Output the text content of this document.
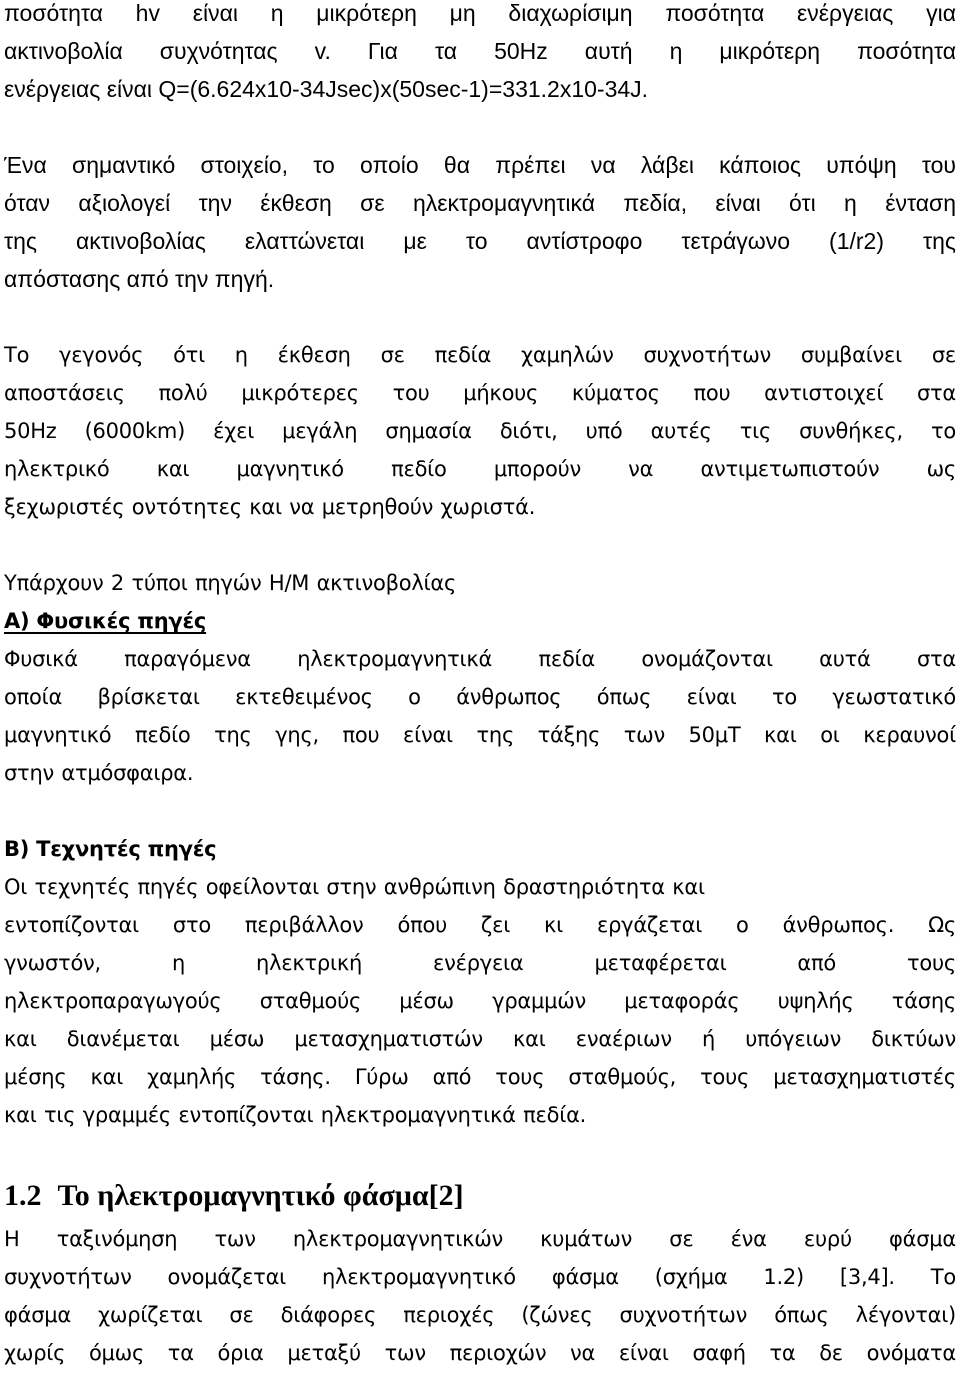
ποσότητα hv είναι η μικρότερη μη διαχωρίσιμη ποσότητα ενέργειας για
ακτινοβολία συχνότητας v. Για τα 50Hz αυτή η μικρότερη ποσότητα
ενέργειας είναι Q=(6.624x10-34Jsec)x(50sec-1)=331.2x10-34J.
Ένα σημαντικό στοιχείο, το οποίο θα πρέπει να λάβει κάποιος υπόψη του
όταν αξιολογεί την έκθεση σε ηλεκτρομαγνητικά πεδία, είναι ότι η ένταση
της ακτινοβολίας ελαττώνεται με το αντίστροφο τετράγωνο (1/r2) της
απόστασης από την πηγή.
Το γεγονός ότι η έκθεση σε πεδία χαμηλών συχνοτήτων συμβαίνει σε
αποστάσεις πολύ μικρότερες του μήκους κύματος που αντιστοιχεί στα
50Hz (6000km) έχει μεγάλη σημασία διότι, υπό αυτές τις συνθήκες, το
ηλεκτρικό και μαγνητικό πεδίο μπορούν να αντιμετωπιστούν ως
ξεχωριστές οντότητες και να μετρηθούν χωριστά.
Υπάρχουν 2 τύποι πηγών Η/Μ ακτινοβολίας
Α) Φυσικές πηγές
Φυσικά παραγόμενα ηλεκτρομαγνητικά πεδία ονομάζονται αυτά στα
οποία βρίσκεται εκτεθειμένος ο άνθρωπος όπως είναι το γεωστατικό
μαγνητικό πεδίο της γης, που είναι της τάξης των 50μΤ και οι κεραυνοί
στην ατμόσφαιρα.
Β) Τεχνητές πηγές
Οι τεχνητές πηγές οφείλονται στην ανθρώπινη δραστηριότητα και
εντοπίζονται στο περιβάλλον όπου ζει κι εργάζεται ο άνθρωπος. Ως
γνωστόν, η ηλεκτρική ενέργεια μεταφέρεται από τους
ηλεκτροπαραγωγούς σταθμούς μέσω γραμμών μεταφοράς υψηλής τάσης
και διανέμεται μέσω μετασχηματιστών και εναέριων ή υπόγειων δικτύων
μέσης και χαμηλής τάσης. Γύρω από τους σταθμούς, τους μετασχηματιστές
και τις γραμμές εντοπίζονται ηλεκτρομαγνητικά πεδία.
1.2 Το ηλεκτρομαγνητικό φάσμα[2]
Η ταξινόμηση των ηλεκτρομαγνητικών κυμάτων σε ένα ευρύ φάσμα
συχνοτήτων ονομάζεται ηλεκτρομαγνητικό φάσμα (σχήμα 1.2) [3,4]. Το
φάσμα χωρίζεται σε διάφορες περιοχές (ζώνες συχνοτήτων όπως λέγονται)
χωρίς όμως τα όρια μεταξύ των περιοχών να είναι σαφή τα δε ονόματα
